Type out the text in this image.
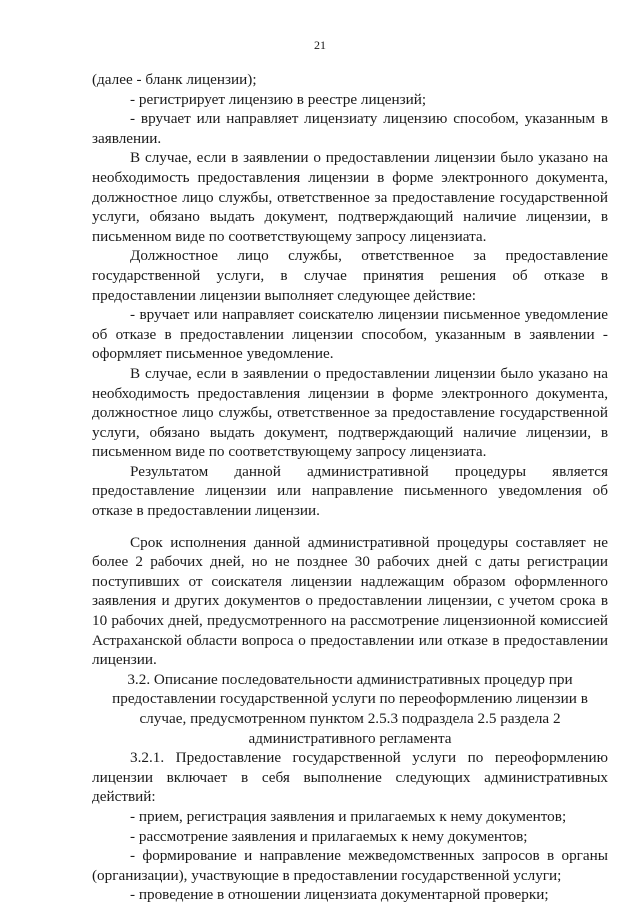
21

(далее - бланк лицензии);

- регистрирует лицензию в реестре лицензий;

- вручает или направляет лицензиату лицензию способом, указанным в заявлении.

В случае, если в заявлении о предоставлении лицензии было указано на необходимость предоставления лицензии в форме электронного документа, должностное лицо службы, ответственное за предоставление государственной услуги, обязано выдать документ, подтверждающий наличие лицензии, в письменном виде по соответствующему запросу лицензиата.

Должностное лицо службы, ответственное за предоставление государственной услуги, в случае принятия решения об отказе в предоставлении лицензии выполняет следующее действие:

- вручает или направляет соискателю лицензии письменное уведомление об отказе в предоставлении лицензии способом, указанным в заявлении - оформляет письменное уведомление.

В случае, если в заявлении о предоставлении лицензии было указано на необходимость предоставления лицензии в форме электронного документа, должностное лицо службы, ответственное за предоставление государственной услуги, обязано выдать документ, подтверждающий наличие лицензии, в письменном виде по соответствующему запросу лицензиата.

Результатом данной административной процедуры является предоставление лицензии или направление письменного уведомления об отказе в предоставлении лицензии.

Срок исполнения данной административной процедуры составляет не более 2 рабочих дней, но не позднее 30 рабочих дней с даты регистрации поступивших от соискателя лицензии надлежащим образом оформленного заявления и других документов о предоставлении лицензии, с учетом срока в 10 рабочих дней, предусмотренного на рассмотрение лицензионной комиссией Астраханской области вопроса о предоставлении или отказе в предоставлении лицензии.

3.2. Описание последовательности административных процедур при предоставлении государственной услуги по переоформлению лицензии в случае, предусмотренном пунктом 2.5.3 подраздела 2.5 раздела 2 административного регламента

3.2.1. Предоставление государственной услуги по переоформлению лицензии включает в себя выполнение следующих административных действий:

- прием, регистрация заявления и прилагаемых к нему документов;

- рассмотрение заявления и прилагаемых к нему документов;

- формирование и направление межведомственных запросов в органы (организации), участвующие в предоставлении государственной услуги;

- проведение в отношении лицензиата документарной проверки;
